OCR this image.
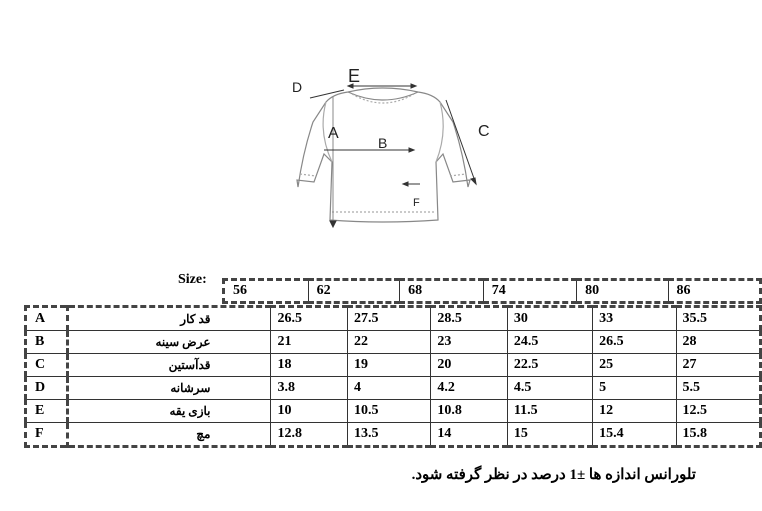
E
D
A
B
C
F
Size:
56	62	68	74	80	86
A	قد کار	26.5	27.5	28.5	30	33	35.5
B	عرض سینه	21	22	23	24.5	26.5	28
C	قدآستین	18	19	20	22.5	25	27
D	سرشانه	3.8	4	4.2	4.5	5	5.5
E	بازی یقه	10	10.5	10.8	11.5	12	12.5
F	مچ	12.8	13.5	14	15	15.4	15.8
تلورانس اندازه ها ±1 درصد در نظر گرفته شود.
